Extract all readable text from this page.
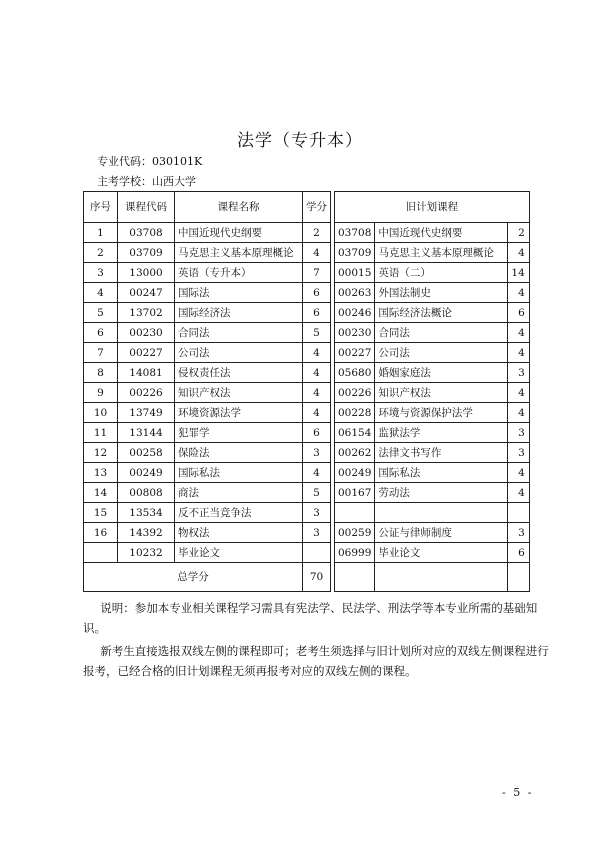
法学（专升本）
专业代码：030101K
主考学校：山西大学
序号	课程代码	课程名称	学分		旧计划课程		
1	03708	中国近现代史纲要	2		03708	中国近现代史纲要	2
2	03709	马克思主义基本原理概论	4		03709	马克思主义基本原理概论	4
3	13000	英语（专升本）	7		00015	英语（二）	14
4	00247	国际法	6		00263	外国法制史	4
5	13702	国际经济法	6		00246	国际经济法概论	6
6	00230	合同法	5		00230	合同法	4
7	00227	公司法	4		00227	公司法	4
8	14081	侵权责任法	4		05680	婚姻家庭法	3
9	00226	知识产权法	4		00226	知识产权法	4
10	13749	环境资源法学	4		00228	环境与资源保护法学	4
11	13144	犯罪学	6		06154	监狱法学	3
12	00258	保险法	3		00262	法律文书写作	3
13	00249	国际私法	4		00249	国际私法	4
14	00808	商法	5		00167	劳动法	4
15	13534	反不正当竞争法	3				
16	14392	物权法	3		00259	公证与律师制度	3
	10232	毕业论文			06999	毕业论文	6
总学分			70				
说明：参加本专业相关课程学习需具有宪法学、民法学、刑法学等本专业所需的基础知识。
新考生直接选报双线左侧的课程即可；老考生须选择与旧计划所对应的双线左侧课程进行报考，已经合格的旧计划课程无须再报考对应的双线左侧的课程。
- 5 -
